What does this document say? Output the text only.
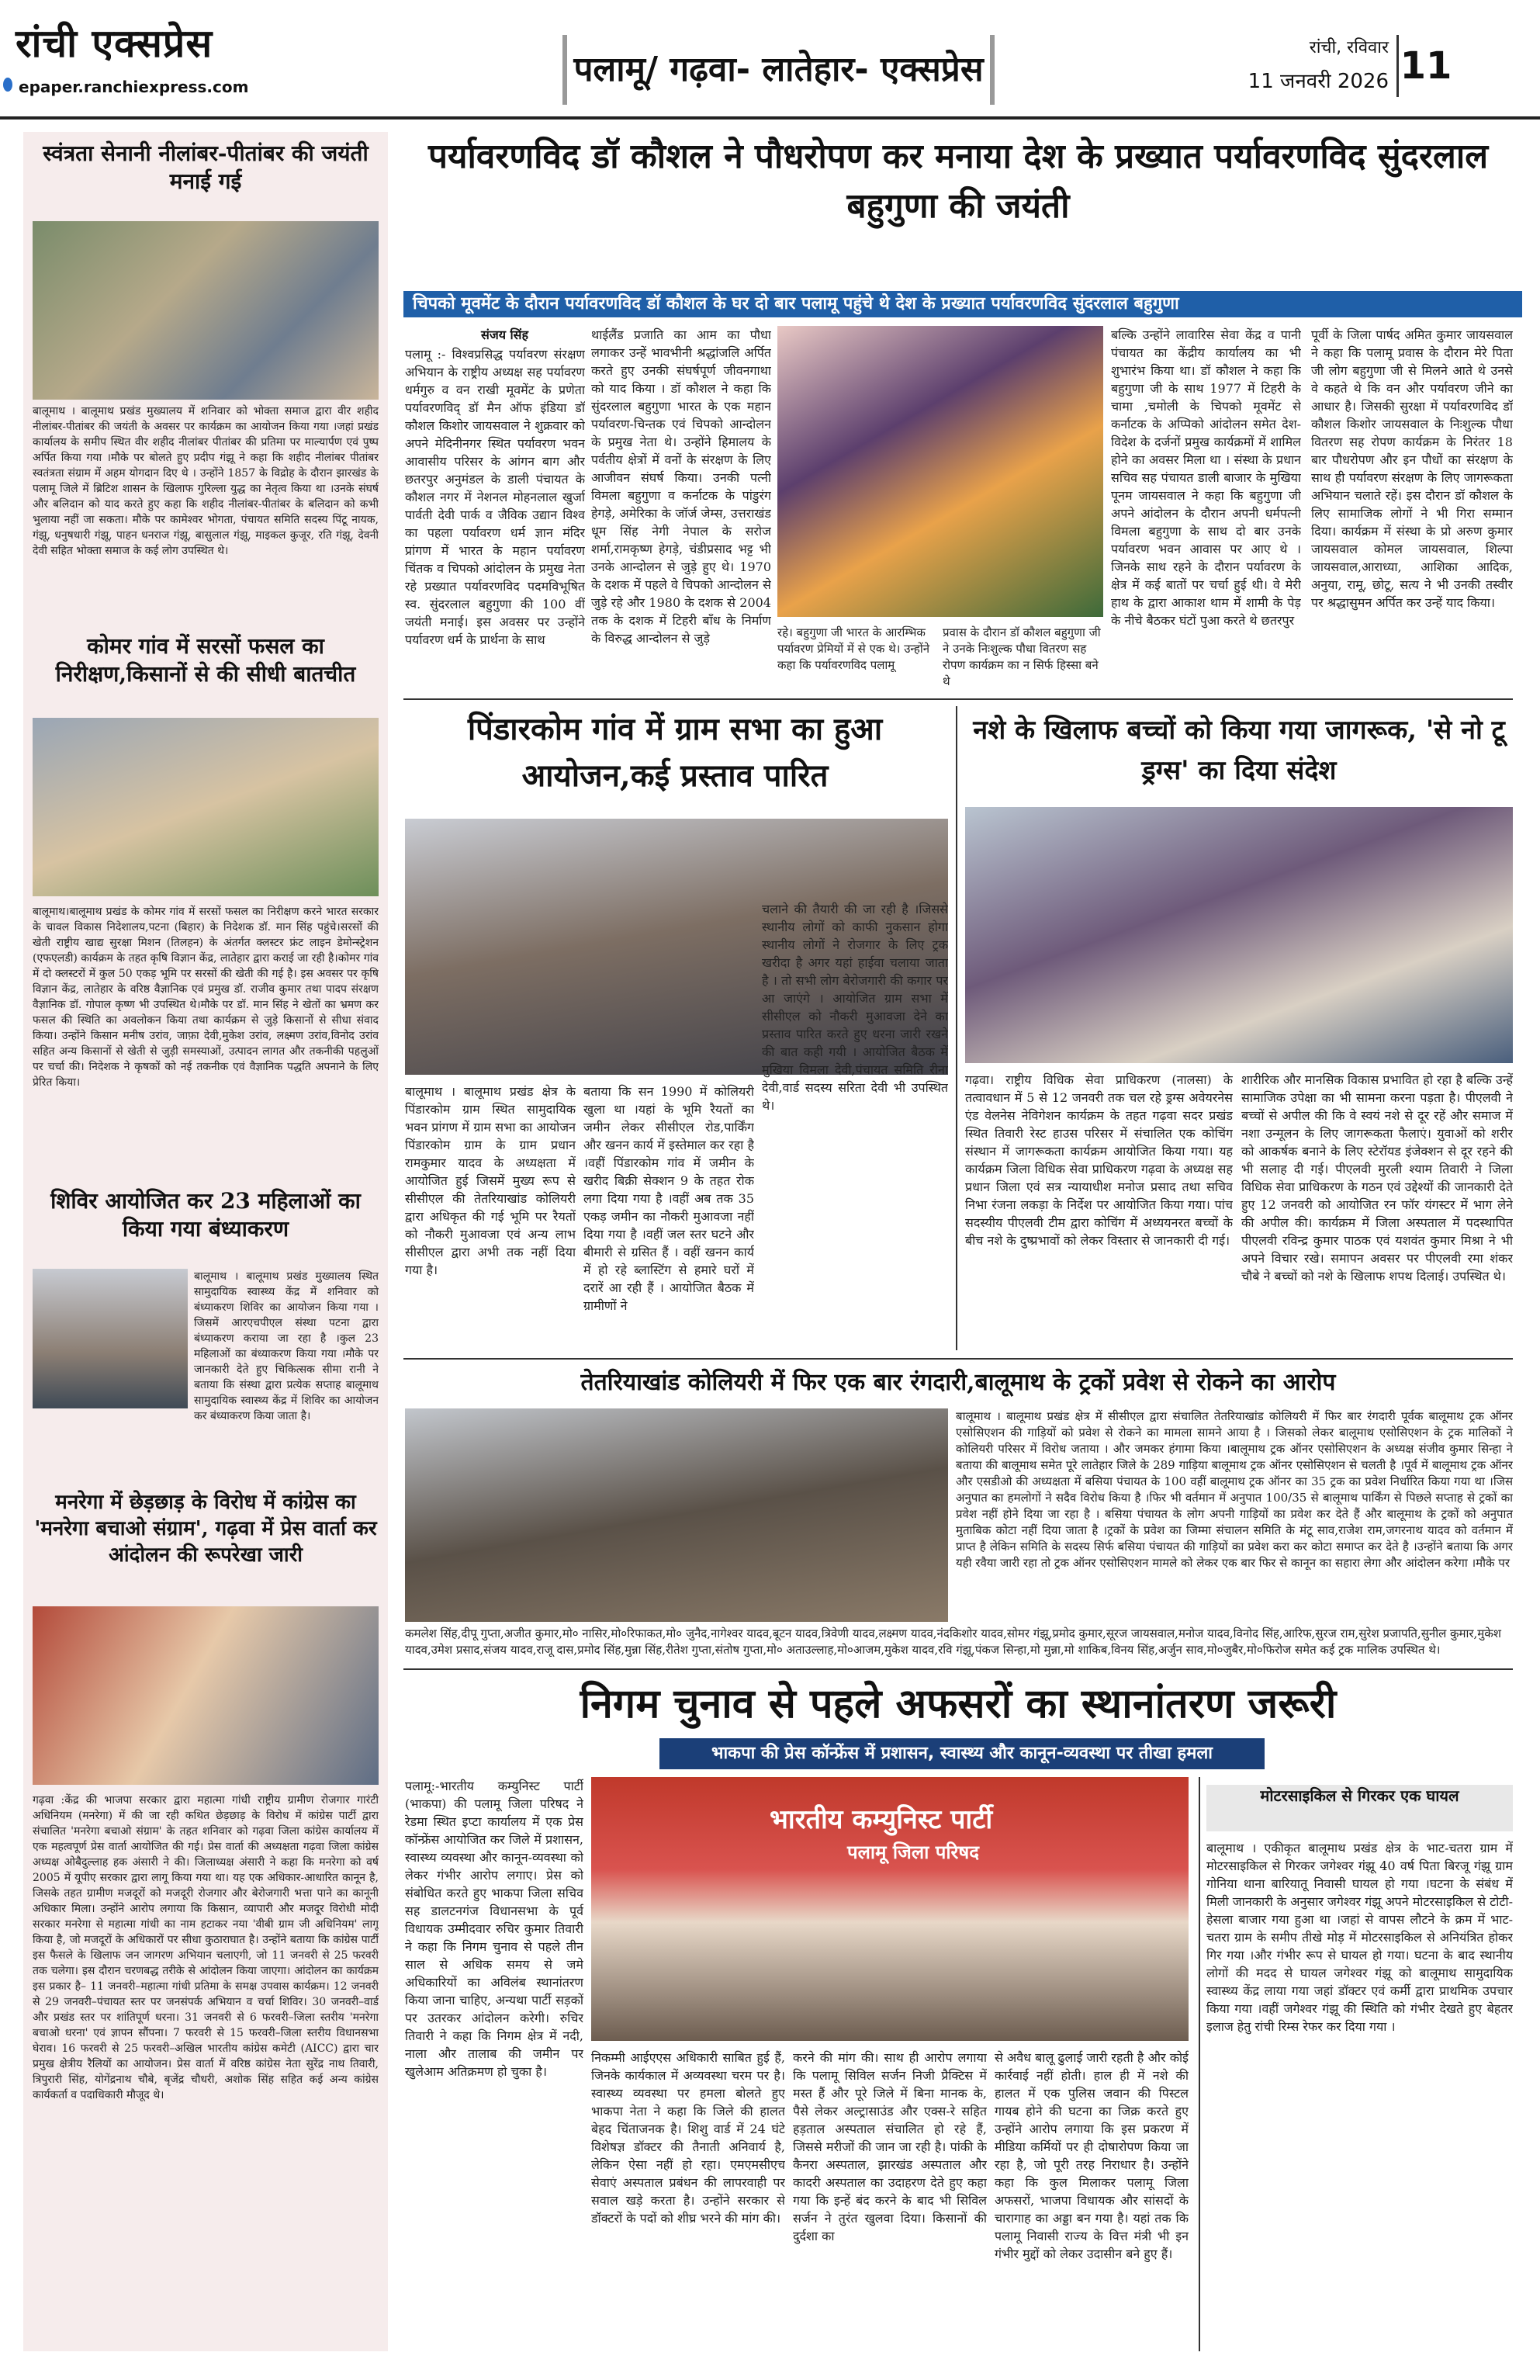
रांची एक्सप्रेस
epaper.ranchiexpress.com	पलामू/ गढ़वा- लातेहार- एक्सप्रेस
रांची, रविवार
11 जनवरी 2026 11
स्वंत्रता सेनानी नीलांबर-पीतांबर की जयंती मनाई गई
बालूमाथ । बालूमाथ प्रखंड मुख्यालय में शनिवार को भोक्ता समाज द्वारा वीर शहीद नीलांबर-पीतांबर की जयंती के अवसर पर कार्यक्रम का आयोजन किया गया ।जहां प्रखंड कार्यालय के समीप स्थित वीर शहीद नीलांबर पीतांबर की प्रतिमा पर माल्यार्पण एवं पुष्प अर्पित किया गया ।मौके पर बोलते हुए प्रदीप गंझू ने कहा कि शहीद नीलांबर पीतांबर स्वतंत्रता संग्राम में अहम योगदान दिए थे । उन्होंने 1857 के विद्रोह के दौरान झारखंड के पलामू जिले में ब्रिटिश शासन के खिलाफ गुरिल्ला युद्ध का नेतृत्व किया था ।उनके संघर्ष और बलिदान को याद करते हुए कहा कि शहीद नीलांबर-पीतांबर के बलिदान को कभी भुलाया नहीं जा सकता। मौके पर कामेश्वर भोगता, पंचायत समिति सदस्य पिंटू नायक, गंझू, धनुषधारी गंझू, पाहन धनराज गंझू, बासुलाल गंझू, माइकल कुजूर, रति गंझू, देवनी देवी सहित भोक्ता समाज के कई लोग उपस्थित थे।
कोमर गांव में सरसों फसल का निरीक्षण,किसानों से की सीधी बातचीत
बालूमाथ।बालूमाथ प्रखंड के कोमर गांव में सरसों फसल का निरीक्षण करने भारत सरकार के चावल विकास निदेशालय,पटना (बिहार) के निदेशक डॉ. मान सिंह पहुंचे।सरसों की खेती राष्ट्रीय खाद्य सुरक्षा मिशन (तिलहन) के अंतर्गत क्लस्टर फ्रंट लाइन डेमोन्स्ट्रेशन (एफएलडी) कार्यक्रम के तहत कृषि विज्ञान केंद्र, लातेहार द्वारा कराई जा रही है।कोमर गांव में दो क्लस्टरों में कुल 50 एकड़ भूमि पर सरसों की खेती की गई है। इस अवसर पर कृषि विज्ञान केंद्र, लातेहार के वरिष्ठ वैज्ञानिक एवं प्रमुख डॉ. राजीव कुमार तथा पादप संरक्षण वैज्ञानिक डॉ. गोपाल कृष्ण भी उपस्थित थे।मौके पर डॉ. मान सिंह ने खेतों का भ्रमण कर फसल की स्थिति का अवलोकन किया तथा कार्यक्रम से जुड़े किसानों से सीधा संवाद किया। उन्होंने किसान मनीष उरांव, जाफ़ा देवी,मुकेश उरांव, लक्ष्मण उरांव,विनोद उरांव सहित अन्य किसानों से खेती से जुड़ी समस्याओं, उत्पादन लागत और तकनीकी पहलुओं पर चर्चा की। निदेशक ने कृषकों को नई तकनीक एवं वैज्ञानिक पद्धति अपनाने के लिए प्रेरित किया।
शिविर आयोजित कर 23 महिलाओं का किया गया बंध्याकरण
बालूमाथ । बालूमाथ प्रखंड मुख्यालय स्थित सामुदायिक स्वास्थ्य केंद्र में शनिवार को बंध्याकरण शिविर का आयोजन किया गया ।जिसमें आरएचपीएल संस्था पटना द्वारा बंध्याकरण कराया जा रहा है ।कुल 23 महिलाओं का बंध्याकरण किया गया ।मौके पर जानकारी देते हुए चिकित्सक सीमा रानी ने बताया कि संस्था द्वारा प्रत्येक सप्ताह बालूमाथ सामुदायिक स्वास्थ्य केंद्र में शिविर का आयोजन कर बंध्याकरण किया जाता है।
मनरेगा में छेड़छाड़ के विरोध में कांग्रेस का 'मनरेगा बचाओ संग्राम', गढ़वा में प्रेस वार्ता कर आंदोलन की रूपरेखा जारी
गढ़वा :केंद्र की भाजपा सरकार द्वारा महात्मा गांधी राष्ट्रीय ग्रामीण रोजगार गारंटी अधिनियम (मनरेगा) में की जा रही कथित छेड़छाड़ के विरोध में कांग्रेस पार्टी द्वारा संचालित 'मनरेगा बचाओ संग्राम' के तहत शनिवार को गढ़वा जिला कांग्रेस कार्यालय में एक महत्वपूर्ण प्रेस वार्ता आयोजित की गई। प्रेस वार्ता की अध्यक्षता गढ़वा जिला कांग्रेस अध्यक्ष ओबैदुल्लाह हक अंसारी ने की। जिलाध्यक्ष अंसारी ने कहा कि मनरेगा को वर्ष 2005 में यूपीए सरकार द्वारा लागू किया गया था। यह एक अधिकार-आधारित कानून है, जिसके तहत ग्रामीण मजदूरों को मजदूरी रोजगार और बेरोजगारी भत्ता पाने का कानूनी अधिकार मिला। उन्होंने आरोप लगाया कि किसान, व्यापारी और मजदूर विरोधी मोदी सरकार मनरेगा से महात्मा गांधी का नाम हटाकर नया 'वीबी ग्राम जी अधिनियम' लागू किया है, जो मजदूरों के अधिकारों पर सीधा कुठाराघात है। उन्होंने बताया कि कांग्रेस पार्टी इस फैसले के खिलाफ जन जागरण अभियान चलाएगी, जो 11 जनवरी से 25 फरवरी तक चलेगा। इस दौरान चरणबद्ध तरीके से आंदोलन किया जाएगा। आंदोलन का कार्यक्रम इस प्रकार है– 11 जनवरी–महात्मा गांधी प्रतिमा के समक्ष उपवास कार्यक्रम। 12 जनवरी से 29 जनवरी–पंचायत स्तर पर जनसंपर्क अभियान व चर्चा शिविर। 30 जनवरी–वार्ड और प्रखंड स्तर पर शांतिपूर्ण धरना। 31 जनवरी से 6 फरवरी–जिला स्तरीय 'मनरेगा बचाओ धरना' एवं ज्ञापन सौंपना। 7 फरवरी से 15 फरवरी–जिला स्तरीय विधानसभा घेराव। 16 फरवरी से 25 फरवरी–अखिल भारतीय कांग्रेस कमेटी (AICC) द्वारा चार प्रमुख क्षेत्रीय रैलियों का आयोजन। प्रेस वार्ता में वरिष्ठ कांग्रेस नेता सुरेंद्र नाथ तिवारी, त्रिपुरारी सिंह, योगेंद्रनाथ चौबे, बृजेंद्र चौधरी, अशोक सिंह सहित कई अन्य कांग्रेस कार्यकर्ता व पदाधिकारी मौजूद थे।
पर्यावरणविद डॉ कौशल ने पौधरोपण कर मनाया देश के प्रख्यात पर्यावरणविद सुंदरलाल बहुगुणा की जयंती
चिपको मूवमेंट के दौरान पर्यावरणविद डॉ कौशल के घर दो बार पलामू पहुंचे थे देश के प्रख्यात पर्यावरणविद सुंदरलाल बहुगुणा
संजय सिंह
पलामू :- विश्वप्रसिद्ध पर्यावरण संरक्षण अभियान के राष्ट्रीय अध्यक्ष सह पर्यावरण धर्मगुरु व वन राखी मूवमेंट के प्रणेता पर्यावरणविद् डॉ मैन ऑफ इंडिया डॉ कौशल किशोर जायसवाल ने शुक्रवार को अपने मेदिनीनगर स्थित पर्यावरण भवन आवासीय परिसर के आंगन बाग और छतरपुर अनुमंडल के डाली पंचायत के कौशल नगर में नेशनल मोहनलाल खुर्जा पार्वती देवी पार्क व जैविक उद्यान विश्व का पहला पर्यावरण धर्म ज्ञान मंदिर प्रांगण में भारत के महान पर्यावरण चिंतक व चिपको आंदोलन के प्रमुख नेता रहे प्रख्यात पर्यावरणविद पदमविभूषित स्व. सुंदरलाल बहुगुणा की 100 वीं जयंती मनाई। इस अवसर पर उन्होंने पर्यावरण धर्म के प्रार्थना के साथ
थाईलैंड प्रजाति का आम का पौधा लगाकर उन्हें भावभीनी श्रद्धांजलि अर्पित करते हुए उनकी संघर्षपूर्ण जीवनगाथा को याद किया । डॉ कौशल ने कहा कि सुंदरलाल बहुगुणा भारत के एक महान पर्यावरण-चिन्तक एवं चिपको आन्दोलन के प्रमुख नेता थे। उन्होंने हिमालय के पर्वतीय क्षेत्रों में वनों के संरक्षण के लिए आजीवन संघर्ष किया। उनकी पत्नी विमला बहुगुणा व कर्नाटक के पांडुरंग हेगड़े, अमेरिका के जॉर्ज जेम्स, उत्तराखंड धूम सिंह नेगी नेपाल के सरोज शर्मा,रामकृष्ण हेगड़े, चंडीप्रसाद भट्ट भी उनके आन्दोलन से जुड़े हुए थे। 1970 के दशक में पहले वे चिपको आन्दोलन से जुड़े रहे और 1980 के दशक से 2004 तक के दशक में टिहरी बाँध के निर्माण के विरुद्ध आन्दोलन से जुड़े	रहे। बहुगुणा जी भारत के आरम्भिक पर्यावरण प्रेमियों में से एक थे। उन्होंने कहा कि पर्यावरणविद पलामू
प्रवास के दौरान डॉ कौशल बहुगुणा जी ने उनके निःशुल्क पौधा वितरण सह रोपण कार्यक्रम का न सिर्फ हिस्सा बने थे
बल्कि उन्होंने लावारिस सेवा केंद्र व पानी पंचायत का केंद्रीय कार्यालय का भी शुभारंभ किया था। डॉ कौशल ने कहा कि बहुगुणा जी के साथ 1977 में टिहरी के चामा ,चमोली के चिपको मूवमेंट से कर्नाटक के अप्पिको आंदोलन समेत देश-विदेश के दर्जनों प्रमुख कार्यक्रमों में शामिल होने का अवसर मिला था । संस्था के प्रधान सचिव सह पंचायत डाली बाजार के मुखिया पूनम जायसवाल ने कहा कि बहुगुणा जी अपने आंदोलन के दौरान अपनी धर्मपत्नी विमला बहुगुणा के साथ दो बार उनके पर्यावरण भवन आवास पर आए थे । जिनके साथ रहने के दौरान पर्यावरण के क्षेत्र में कई बातों पर चर्चा हुई थी। वे मेरी हाथ के द्वारा आकाश थाम में शामी के पेड़ के नीचे बैठकर घंटों पुआ करते थे छतरपुर
पूर्वी के जिला पार्षद अमित कुमार जायसवाल ने कहा कि पलामू प्रवास के दौरान मेरे पिता जी लोग बहुगुणा जी से मिलने आते थे उनसे वे कहते थे कि वन और पर्यावरण जीने का आधार है। जिसकी सुरक्षा में पर्यावरणविद डॉ कौशल किशोर जायसवाल के निःशुल्क पौधा वितरण सह रोपण कार्यक्रम के निरंतर 18 बार पौधरोपण और इन पौधों का संरक्षण के साथ ही पर्यावरण संरक्षण के लिए जागरूकता अभियान चलाते रहें। इस दौरान डॉ कौशल के लिए सामाजिक लोगों ने भी गिरा सम्मान दिया। कार्यक्रम में संस्था के प्रो अरुण कुमार जायसवाल कोमल जायसवाल, शिल्पा जायसवाल,आराध्या, आशिका आदिक, अनुया, रामू, छोटू, सत्य ने भी उनकी तस्वीर पर श्रद्धासुमन अर्पित कर उन्हें याद किया।
पिंडारकोम गांव में ग्राम सभा का हुआ आयोजन,कई प्रस्ताव पारित
बालूमाथ । बालूमाथ प्रखंड क्षेत्र के पिंडारकोम ग्राम स्थित सामुदायिक भवन प्रांगण में ग्राम सभा का आयोजन पिंडारकोम ग्राम के ग्राम प्रधान रामकुमार यादव के अध्यक्षता में आयोजित हुई जिसमें मुख्य रूप से सीसीएल की तेतरियाखांड कोलियरी द्वारा अधिकृत की गई भूमि पर रैयतों को नौकरी मुआवजा एवं अन्य लाभ सीसीएल द्वारा अभी तक नहीं दिया गया है।
बताया कि सन 1990 में कोलियरी खुला था ।यहां के भूमि रैयतों का जमीन लेकर सीसीएल रोड,पार्किंग और खनन कार्य में इस्तेमाल कर रहा है ।वहीं पिंडारकोम गांव में जमीन के खरीद बिक्री सेक्शन 9 के तहत रोक लगा दिया गया है ।वहीं अब तक 35 एकड़ जमीन का नौकरी मुआवजा नहीं दिया गया है ।वहीं जल स्तर घटने और बीमारी से ग्रसित हैं । वहीं खनन कार्य में हो रहे ब्लास्टिंग से हमारे घरों में दरारें आ रही हैं । आयोजित बैठक में ग्रामीणों ने
चलाने की तैयारी की जा रही है ।जिससे स्थानीय लोगों को काफी नुकसान होगा स्थानीय लोगों ने रोजगार के लिए ट्रक खरीदा है अगर यहां हाईवा चलाया जाता है । तो सभी लोग बेरोजगारी की कगार पर आ जाएंगे । आयोजित ग्राम सभा में सीसीएल को नौकरी मुआवजा देने का प्रस्ताव पारित करते हुए धरना जारी रखने की बात कही गयी । आयोजित बैठक में मुखिया विमला देवी,पंचायत समिति रीना देवी,वार्ड सदस्य सरिता देवी भी उपस्थित थे।
नशे के खिलाफ बच्चों को किया गया जागरूक, 'से नो टू ड्रग्स' का दिया संदेश
गढ़वा। राष्ट्रीय विधिक सेवा प्राधिकरण (नालसा) के तत्वावधान में 5 से 12 जनवरी तक चल रहे ड्रग्स अवेयरनेस एंड वेलनेस नेविगेशन कार्यक्रम के तहत गढ़वा सदर प्रखंड स्थित तिवारी रेस्ट हाउस परिसर में संचालित एक कोचिंग संस्थान में जागरूकता कार्यक्रम आयोजित किया गया। यह कार्यक्रम जिला विधिक सेवा प्राधिकरण गढ़वा के अध्यक्ष सह प्रधान जिला एवं सत्र न्यायाधीश मनोज प्रसाद तथा सचिव निभा रंजना लकड़ा के निर्देश पर आयोजित किया गया। पांच सदस्यीय पीएलवी टीम द्वारा कोचिंग में अध्ययनरत बच्चों के बीच नशे के दुष्प्रभावों को लेकर विस्तार से जानकारी दी गई।
शारीरिक और मानसिक विकास प्रभावित हो रहा है बल्कि उन्हें सामाजिक उपेक्षा का भी सामना करना पड़ता है। पीएलवी ने बच्चों से अपील की कि वे स्वयं नशे से दूर रहें और समाज में नशा उन्मूलन के लिए जागरूकता फैलाएं। युवाओं को शरीर को आकर्षक बनाने के लिए स्टेरॉयड इंजेक्शन से दूर रहने की भी सलाह दी गई। पीएलवी मुरली श्याम तिवारी ने जिला विधिक सेवा प्राधिकरण के गठन एवं उद्देश्यों की जानकारी देते हुए 12 जनवरी को आयोजित रन फॉर यंगस्टर में भाग लेने की अपील की। कार्यक्रम में जिला अस्पताल में पदस्थापित पीएलवी रविन्द्र कुमार पाठक एवं यशवंत कुमार मिश्रा ने भी अपने विचार रखे। समापन अवसर पर पीएलवी रमा शंकर चौबे ने बच्चों को नशे के खिलाफ शपथ दिलाई। उपस्थित थे।
तेतरियाखांड कोलियरी में फिर एक बार रंगदारी,बालूमाथ के ट्रकों प्रवेश से रोकने का आरोप
बालूमाथ । बालूमाथ प्रखंड क्षेत्र में सीसीएल द्वारा संचालित तेतरियाखांड कोलियरी में फिर बार रंगदारी पूर्वक बालूमाथ ट्रक ऑनर एसोसिएशन की गाड़ियों को प्रवेश से रोकने का मामला सामने आया है । जिसको लेकर बालूमाथ एसोसिएशन के ट्रक मालिकों ने कोलियरी परिसर में विरोध जताया । और जमकर हंगामा किया ।बालूमाथ ट्रक ऑनर एसोसिएशन के अध्यक्ष संजीव कुमार सिन्हा ने बताया की बालूमाथ समेत पूरे लातेहार जिले के 289 गाड़िया बालूमाथ ट्रक ऑनर एसोसिएशन से चलती है ।पूर्व में बालूमाथ ट्रक ऑनर और एसडीओ की अध्यक्षता में बसिया पंचायत के 100 वहीं बालूमाथ ट्रक ऑनर का 35 ट्रक का प्रवेश निर्धारित किया गया था ।जिस अनुपात का हमलोगों ने सदैव विरोध किया है ।फिर भी वर्तमान में अनुपात 100/35 से बालूमाथ पार्किंग से पिछले सप्ताह से ट्रकों का प्रवेश नहीं होने दिया जा रहा है । बसिया पंचायत के लोग अपनी गाड़ियों का प्रवेश कर देते हैं और बालूमाथ के ट्रकों को अनुपात मुताबिक कोटा नहीं दिया जाता है ।ट्रकों के प्रवेश का जिम्मा संचालन समिति के मंटू साव,राजेश राम,जगरनाथ यादव को वर्तमान में प्राप्त है लेकिन समिति के सदस्य सिर्फ बसिया पंचायत की गाड़ियों का प्रवेश करा कर कोटा समाप्त कर देते है ।उन्होंने बताया कि अगर यही रवैया जारी रहा तो ट्रक ऑनर एसोसिएशन मामले को लेकर एक बार फिर से कानून का सहारा लेगा और आंदोलन करेगा ।मौके पर
कमलेश सिंह,दीपू गुप्ता,अजीत कुमार,मो० नासिर,मो०रिफाकत,मो० जुनैद,नागेश्वर यादव,बूटन यादव,त्रिवेणी यादव,लक्ष्मण यादव,नंदकिशोर यादव,सोमर गंझू,प्रमोद कुमार,सूरज जायसवाल,मनोज यादव,विनोद सिंह,आरिफ,सुरज राम,सुरेश प्रजापति,सुनील कुमार,मुकेश यादव,उमेश प्रसाद,संजय यादव,राजू दास,प्रमोद सिंह,मुन्ना सिंह,रीतेश गुप्ता,संतोष गुप्ता,मो० अताउल्लाह,मो०आजम,मुकेश यादव,रवि गंझू,पंकज सिन्हा,मो मुन्ना,मो शाकिब,विनय सिंह,अर्जुन साव,मो०जुबैर,मो०फिरोज समेत कई ट्रक मालिक उपस्थित थे।
निगम चुनाव से पहले अफसरों का स्थानांतरण जरूरी
भाकपा की प्रेस कॉन्फ्रेंस में प्रशासन, स्वास्थ्य और कानून-व्यवस्था पर तीखा हमला
पलामू:-भारतीय कम्युनिस्ट पार्टी (भाकपा) की पलामू जिला परिषद ने रेडमा स्थित इप्टा कार्यालय में एक प्रेस कॉन्फ्रेंस आयोजित कर जिले में प्रशासन, स्वास्थ्य व्यवस्था और कानून-व्यवस्था को लेकर गंभीर आरोप लगाए। प्रेस को संबोधित करते हुए भाकपा जिला सचिव सह डालटनगंज विधानसभा के पूर्व विधायक उम्मीदवार रुचिर कुमार तिवारी ने कहा कि निगम चुनाव से पहले तीन साल से अधिक समय से जमे अधिकारियों का अविलंब स्थानांतरण किया जाना चाहिए, अन्यथा पार्टी सड़कों पर उतरकर आंदोलन करेगी। रुचिर तिवारी ने कहा कि निगम क्षेत्र में नदी, नाला और तालाब की जमीन पर खुलेआम अतिक्रमण हो चुका है।
भारतीय कम्युनिस्ट पार्टी
पलामू जिला परिषद
निकम्मी आईएएस अधिकारी साबित हुई हैं, जिनके कार्यकाल में अव्यवस्था चरम पर है। स्वास्थ्य व्यवस्था पर हमला बोलते हुए भाकपा नेता ने कहा कि जिले की हालत बेहद चिंताजनक है। शिशु वार्ड में 24 घंटे विशेषज्ञ डॉक्टर की तैनाती अनिवार्य है, लेकिन ऐसा नहीं हो रहा। एमएमसीएच सेवाएं अस्पताल प्रबंधन की लापरवाही पर सवाल खड़े करता है। उन्होंने सरकार से डॉक्टरों के पदों को शीघ्र भरने की मांग की।
करने की मांग की। साथ ही आरोप लगाया कि पलामू सिविल सर्जन निजी प्रैक्टिस में मस्त हैं और पूरे जिले में बिना मानक के, पैसे लेकर अल्ट्रासाउंड और एक्स-रे सहित हड़ताल अस्पताल संचालित हो रहे हैं, जिससे मरीजों की जान जा रही है। पांकी के कैनरा अस्पताल, झारखंड अस्पताल और कादरी अस्पताल का उदाहरण देते हुए कहा गया कि इन्हें बंद करने के बाद भी सिविल सर्जन ने तुरंत खुलवा दिया। किसानों की दुर्दशा का
से अवैध बालू ढुलाई जारी रहती है और कोई कार्रवाई नहीं होती। हाल ही में नशे की हालत में एक पुलिस जवान की पिस्टल गायब होने की घटना का जिक्र करते हुए उन्होंने आरोप लगाया कि इस प्रकरण में मीडिया कर्मियों पर ही दोषारोपण किया जा रहा है, जो पूरी तरह निराधार है। उन्होंने कहा कि कुल मिलाकर पलामू जिला अफसरों, भाजपा विधायक और सांसदों के चारागाह का अड्डा बन गया है। यहां तक कि पलामू निवासी राज्य के वित्त मंत्री भी इन गंभीर मुद्दों को लेकर उदासीन बने हुए हैं।
मोटरसाइकिल से गिरकर एक घायल
बालूमाथ । एकीकृत बालूमाथ प्रखंड क्षेत्र के भाट-चतरा ग्राम में मोटरसाइकिल से गिरकर जगेश्वर गंझू 40 वर्ष पिता बिरजू गंझू ग्राम गोनिया थाना बारियातू निवासी घायल हो गया ।घटना के संबंध में मिली जानकारी के अनुसार जगेश्वर गंझू अपने मोटरसाइकिल से टोटी-हेसला बाजार गया हुआ था ।जहां से वापस लौटने के क्रम में भाट-चतरा ग्राम के समीप तीखे मोड़ में मोटरसाइकिल से अनियंत्रित होकर गिर गया ।और गंभीर रूप से घायल हो गया। घटना के बाद स्थानीय लोगों की मदद से घायल जगेश्वर गंझू को बालूमाथ सामुदायिक स्वास्थ्य केंद्र लाया गया जहां डॉक्टर एवं कर्मी द्वारा प्राथमिक उपचार किया गया ।वहीं जगेश्वर गंझू की स्थिति को गंभीर देखते हुए बेहतर इलाज हेतु रांची रिम्स रेफर कर दिया गया ।
